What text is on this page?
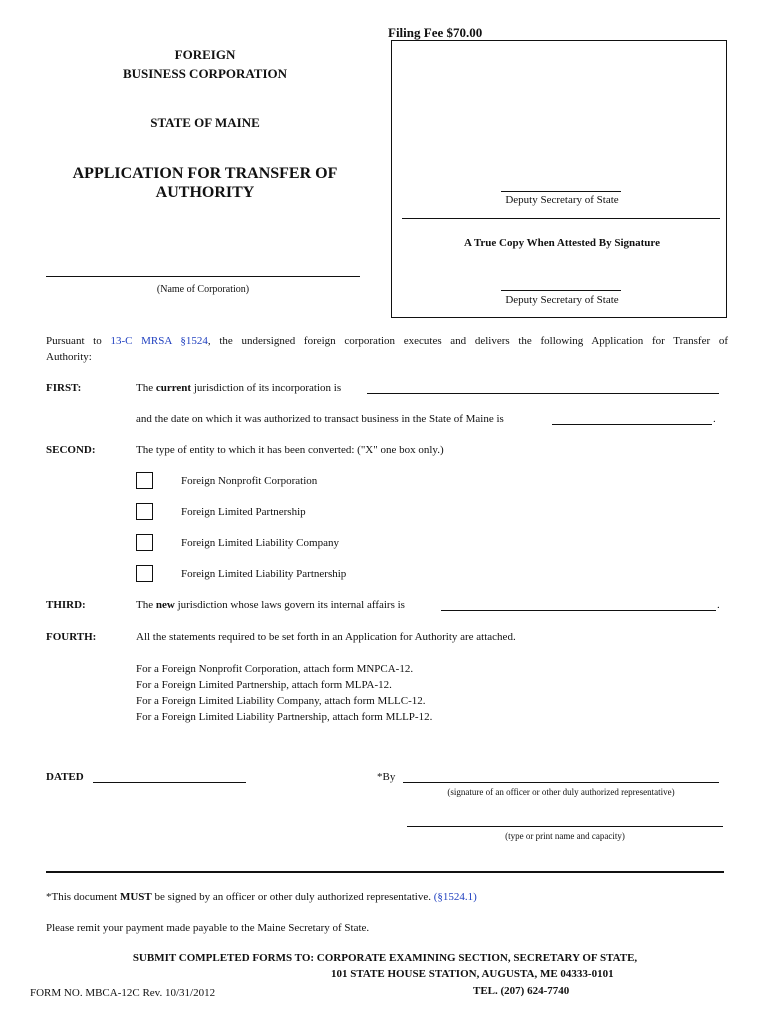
Filing Fee $70.00
FOREIGN
BUSINESS CORPORATION
STATE OF MAINE
APPLICATION FOR TRANSFER OF
AUTHORITY
(Name of Corporation)
Deputy Secretary of State
A True Copy When Attested By Signature
Deputy Secretary of State
Pursuant to 13-C MRSA §1524, the undersigned foreign corporation executes and delivers the following Application for Transfer of
Authority:
FIRST:	The current jurisdiction of its incorporation is
and the date on which it was authorized to transact business in the State of Maine is	.
SECOND:	The type of entity to which it has been converted: ("X" one box only.)
Foreign Nonprofit Corporation
Foreign Limited Partnership
Foreign Limited Liability Company
Foreign Limited Liability Partnership
THIRD:	The new jurisdiction whose laws govern its internal affairs is	.
FOURTH:	All the statements required to be set forth in an Application for Authority are attached.
For a Foreign Nonprofit Corporation, attach form MNPCA-12.
For a Foreign Limited Partnership, attach form MLPA-12.
For a Foreign Limited Liability Company, attach form MLLC-12.
For a Foreign Limited Liability Partnership, attach form MLLP-12.
DATED	*By
(signature of an officer or other duly authorized representative)
(type or print name and capacity)
*This document MUST be signed by an officer or other duly authorized representative. (§1524.1)
Please remit your payment made payable to the Maine Secretary of State.
SUBMIT COMPLETED FORMS TO: CORPORATE EXAMINING SECTION, SECRETARY OF STATE,
101 STATE HOUSE STATION, AUGUSTA, ME 04333-0101
FORM NO. MBCA-12C Rev. 10/31/2012	TEL. (207) 624-7740
